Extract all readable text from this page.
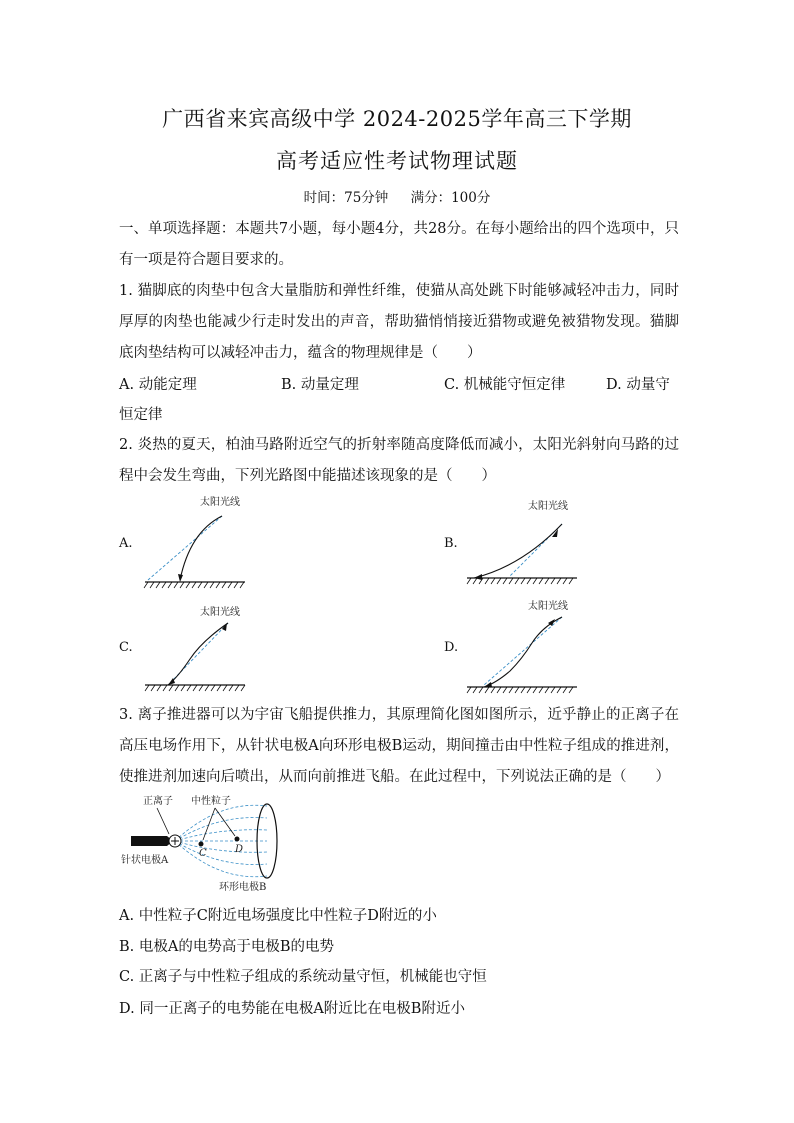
广西省来宾高级中学 2024-2025学年高三下学期
高考适应性考试物理试题
时间：75分钟 满分：100分
一、单项选择题：本题共7小题，每小题4分，共28分。在每小题给出的四个选项中，只有一项是符合题目要求的。
1. 猫脚底的肉垫中包含大量脂肪和弹性纤维，使猫从高处跳下时能够减轻冲击力，同时厚厚的肉垫也能减少行走时发出的声音，帮助猫悄悄接近猎物或避免被猎物发现。猫脚底肉垫结构可以减轻冲击力，蕴含的物理规律是（　　）
A. 动能定理	B. 动量定理	C. 机械能守恒定律	D. 动量守
恒定律
2. 炎热的夏天，柏油马路附近空气的折射率随高度降低而减小，太阳光斜射向马路的过程中会发生弯曲，下列光路图中能描述该现象的是（　　）
A.
太阳光线
B.
太阳光线
C.
太阳光线
D.
太阳光线
3. 离子推进器可以为宇宙飞船提供推力，其原理简化图如图所示，近乎静止的正离子在高压电场作用下，从针状电极A向环形电极B运动，期间撞击由中性粒子组成的推进剂，使推进剂加速向后喷出，从而向前推进飞船。在此过程中，下列说法正确的是（　　）
正离子 中性粒子
针状电极A
环形电极B
C	D
A. 中性粒子C附近电场强度比中性粒子D附近的小
B. 电极A的电势高于电极B的电势
C. 正离子与中性粒子组成的系统动量守恒，机械能也守恒
D. 同一正离子的电势能在电极A附近比在电极B附近小
